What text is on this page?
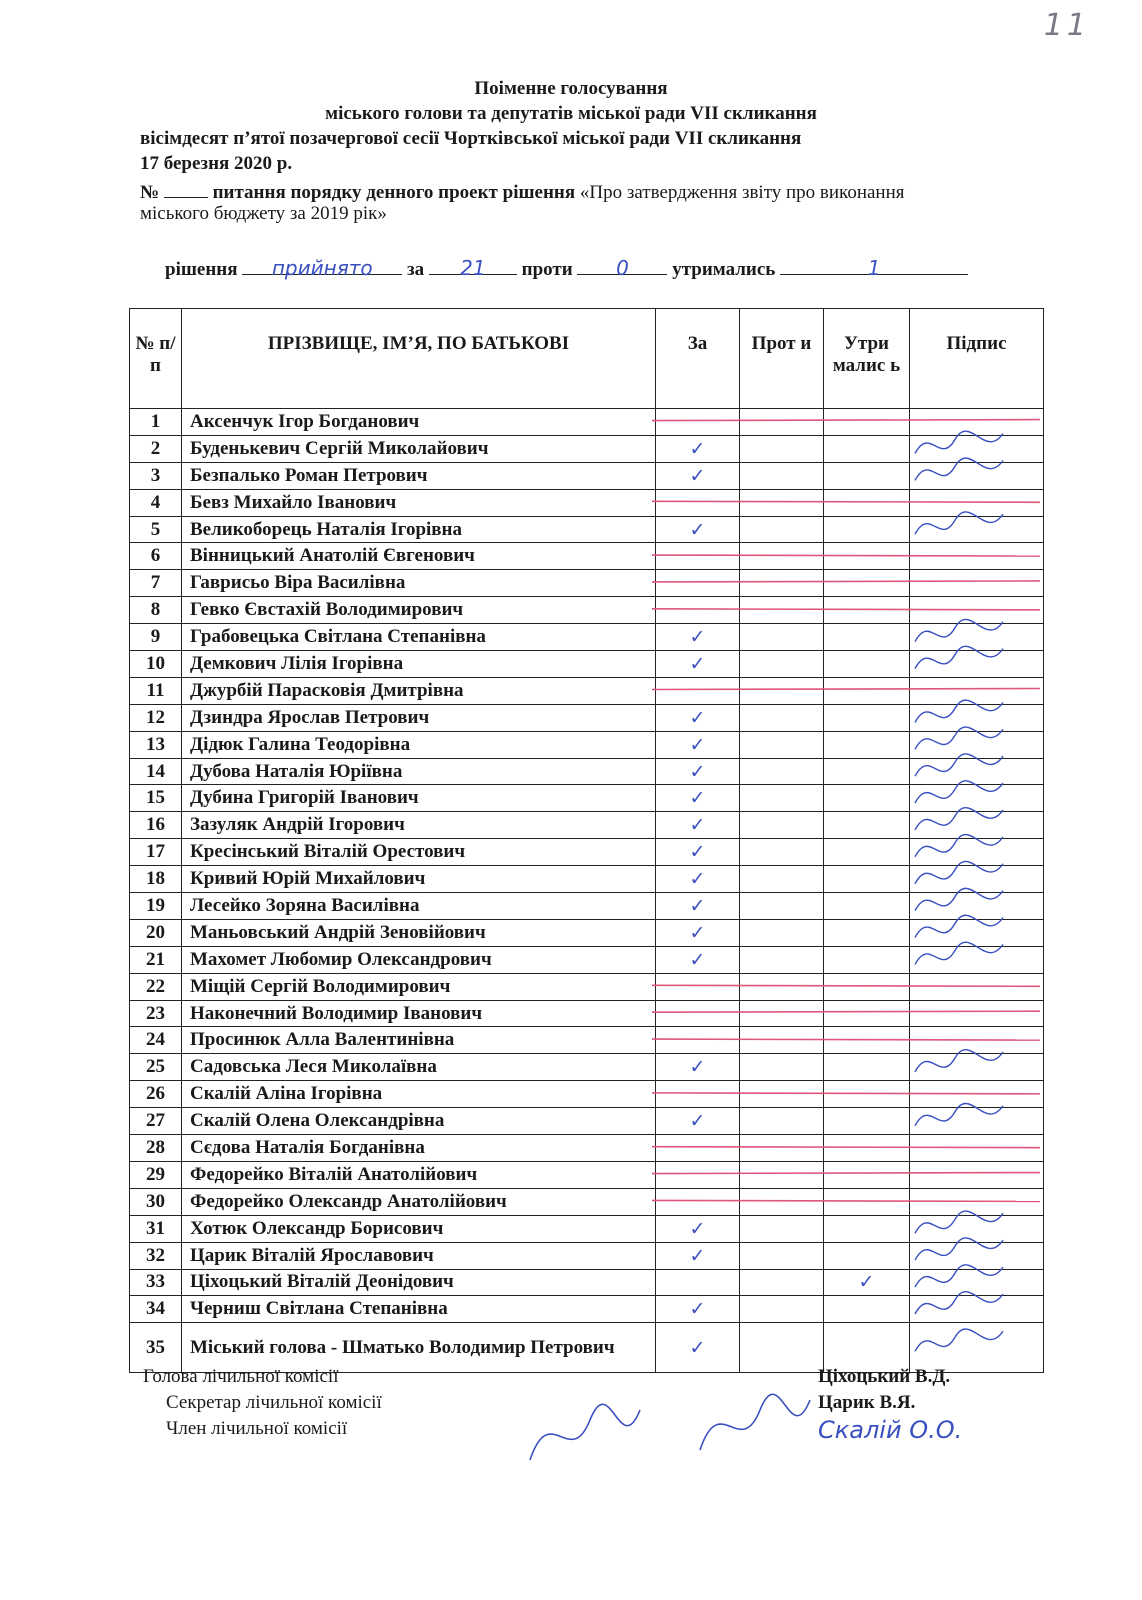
11
Поіменне голосування
міського голови та депутатів міської ради VII скликання
вісімдесят п’ятої позачергової сесії Чортківської міської ради VII скликання
17 березня 2020 р.
№	питання порядку денного проект рішення «Про затвердження звіту про виконання
міського бюджету за 2019 рік»
рішення прийнято за 21 проти 0 утримались	1
№ п/п	ПРІЗВИЩЕ, ІМ’Я, ПО БАТЬКОВІ	За	Прот и	Утри малис ь	Підпис
1	Аксенчук Ігор Богданович				
2	Буденькевич Сергій Миколайович	✓			
3	Безпалько Роман Петрович	✓			
4	Бевз Михайло Іванович				
5	Великоборець Наталія Ігорівна	✓			
6	Вінницький Анатолій Євгенович				
7	Гаврисьо Віра Василівна				
8	Гевко Євстахій Володимирович				
9	Грабовецька Світлана Степанівна	✓			
10	Демкович Лілія Ігорівна	✓			
11	Джурбій Парасковія Дмитрівна				
12	Дзиндра Ярослав Петрович	✓			
13	Дідюк Галина Теодорівна	✓			
14	Дубова Наталія Юріївна	✓			
15	Дубина Григорій Іванович	✓			
16	Зазуляк Андрій Ігорович	✓			
17	Кресінський Віталій Орестович	✓			
18	Кривий Юрій Михайлович	✓			
19	Лесейко Зоряна Василівна	✓			
20	Маньовський Андрій Зеновійович	✓			
21	Махомет Любомир Олександрович	✓			
22	Міщій Сергій Володимирович				
23	Наконечний Володимир Іванович				
24	Просинюк Алла Валентинівна				
25	Садовська Леся Миколаївна	✓			
26	Скалій Аліна Ігорівна				
27	Скалій Олена Олександрівна	✓			
28	Сєдова Наталія Богданівна				
29	Федорейко Віталій Анатолійович				
30	Федорейко Олександр Анатолійович				
31	Хотюк Олександр Борисович	✓			
32	Царик Віталій Ярославович	✓			
33	Ціхоцький Віталій Деонідович			✓	
34	Черниш Світлана Степанівна	✓			
35	Міський голова - Шматько Володимир Петрович	✓			
Голова лічильної комісії	Ціхоцький В.Д.
Секретар лічильної комісії	Царик В.Я.
Член лічильної комісії	Скалій О.О.
